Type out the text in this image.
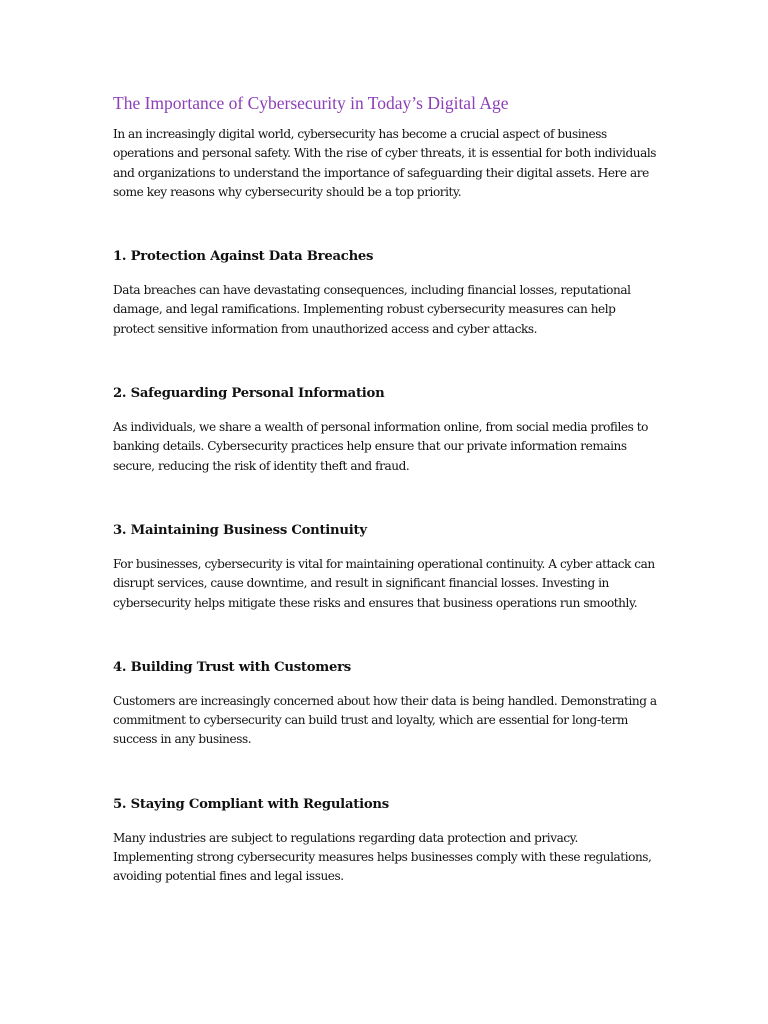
The Importance of Cybersecurity in Today’s Digital Age

In an increasingly digital world, cybersecurity has become a crucial aspect of business operations and personal safety. With the rise of cyber threats, it is essential for both individuals and organizations to understand the importance of safeguarding their digital assets. Here are some key reasons why cybersecurity should be a top priority.

1. Protection Against Data Breaches

Data breaches can have devastating consequences, including financial losses, reputational damage, and legal ramifications. Implementing robust cybersecurity measures can help protect sensitive information from unauthorized access and cyber attacks.

2. Safeguarding Personal Information

As individuals, we share a wealth of personal information online, from social media profiles to banking details. Cybersecurity practices help ensure that our private information remains secure, reducing the risk of identity theft and fraud.

3. Maintaining Business Continuity

For businesses, cybersecurity is vital for maintaining operational continuity. A cyber attack can disrupt services, cause downtime, and result in significant financial losses. Investing in cybersecurity helps mitigate these risks and ensures that business operations run smoothly.

4. Building Trust with Customers

Customers are increasingly concerned about how their data is being handled. Demonstrating a commitment to cybersecurity can build trust and loyalty, which are essential for long-term success in any business.

5. Staying Compliant with Regulations

Many industries are subject to regulations regarding data protection and privacy. Implementing strong cybersecurity measures helps businesses comply with these regulations, avoiding potential fines and legal issues.
